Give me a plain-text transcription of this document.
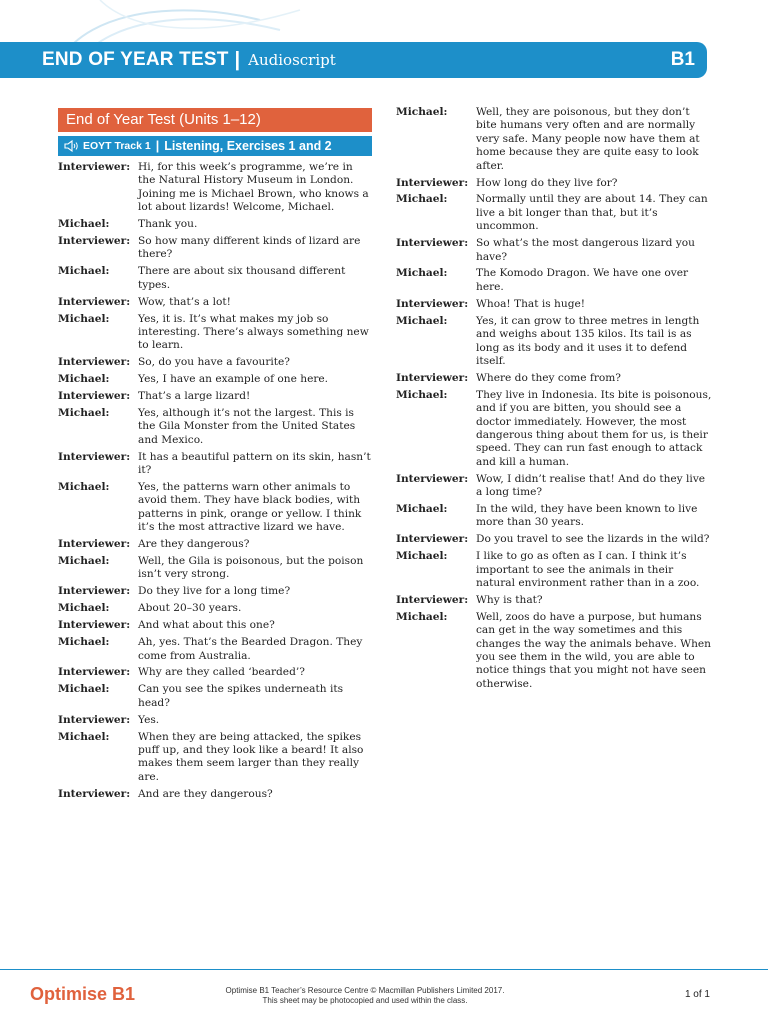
END OF YEAR TEST | Audioscript	B1
End of Year Test (Units 1–12)
EOYT Track 1 | Listening, Exercises 1 and 2
Interviewer: Hi, for this week’s programme, we’re in the Natural History Museum in London. Joining me is Michael Brown, who knows a lot about lizards! Welcome, Michael.
Michael:	Thank you.
Interviewer: So how many different kinds of lizard are there?
Michael:	There are about six thousand different types.
Interviewer: Wow, that’s a lot!
Michael:	Yes, it is. It’s what makes my job so interesting. There’s always something new to learn.
Interviewer: So, do you have a favourite?
Michael:	Yes, I have an example of one here.
Interviewer: That’s a large lizard!
Michael:	Yes, although it’s not the largest. This is the Gila Monster from the United States and Mexico.
Interviewer: It has a beautiful pattern on its skin, hasn’t it?
Michael:	Yes, the patterns warn other animals to avoid them. They have black bodies, with patterns in pink, orange or yellow. I think it’s the most attractive lizard we have.
Interviewer: Are they dangerous?
Michael:	Well, the Gila is poisonous, but the poison isn’t very strong.
Interviewer: Do they live for a long time?
Michael:	About 20–30 years.
Interviewer: And what about this one?
Michael:	Ah, yes. That’s the Bearded Dragon. They come from Australia.
Interviewer: Why are they called ‘bearded’?
Michael:	Can you see the spikes underneath its head?
Interviewer: Yes.
Michael:	When they are being attacked, the spikes puff up, and they look like a beard! It also makes them seem larger than they really are.
Interviewer: And are they dangerous?
Michael:	Well, they are poisonous, but they don’t bite humans very often and are normally very safe. Many people now have them at home because they are quite easy to look after.
Interviewer: How long do they live for?
Michael:	Normally until they are about 14. They can live a bit longer than that, but it’s uncommon.
Interviewer: So what’s the most dangerous lizard you have?
Michael:	The Komodo Dragon. We have one over here.
Interviewer: Whoa! That is huge!
Michael:	Yes, it can grow to three metres in length and weighs about 135 kilos. Its tail is as long as its body and it uses it to defend itself.
Interviewer: Where do they come from?
Michael:	They live in Indonesia. Its bite is poisonous, and if you are bitten, you should see a doctor immediately. However, the most dangerous thing about them for us, is their speed. They can run fast enough to attack and kill a human.
Interviewer: Wow, I didn’t realise that! And do they live a long time?
Michael:	In the wild, they have been known to live more than 30 years.
Interviewer: Do you travel to see the lizards in the wild?
Michael:	I like to go as often as I can. I think it’s important to see the animals in their natural environment rather than in a zoo.
Interviewer: Why is that?
Michael:	Well, zoos do have a purpose, but humans can get in the way sometimes and this changes the way the animals behave. When you see them in the wild, you are able to notice things that you might not have seen otherwise.
Optimise B1	Optimise B1 Teacher’s Resource Centre © Macmillan Publishers Limited 2017.
This sheet may be photocopied and used within the class.
1 of 1
